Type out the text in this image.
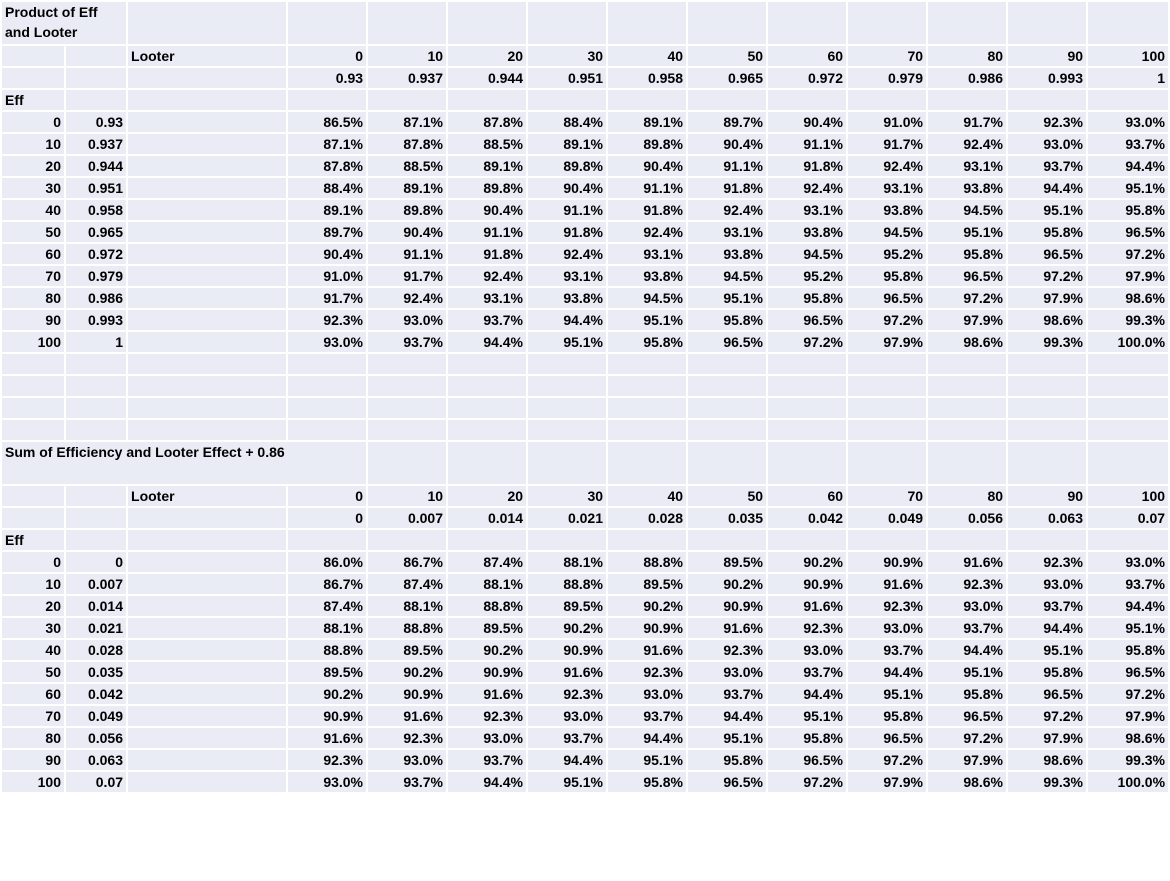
Product of Eff and Looter													
		Looter	0	10	20	30	40	50	60	70	80	90	100
			0.93	0.937	0.944	0.951	0.958	0.965	0.972	0.979	0.986	0.993	1
Eff													
0	0.93		86.5%	87.1%	87.8%	88.4%	89.1%	89.7%	90.4%	91.0%	91.7%	92.3%	93.0%
10	0.937		87.1%	87.8%	88.5%	89.1%	89.8%	90.4%	91.1%	91.7%	92.4%	93.0%	93.7%
20	0.944		87.8%	88.5%	89.1%	89.8%	90.4%	91.1%	91.8%	92.4%	93.1%	93.7%	94.4%
30	0.951		88.4%	89.1%	89.8%	90.4%	91.1%	91.8%	92.4%	93.1%	93.8%	94.4%	95.1%
40	0.958		89.1%	89.8%	90.4%	91.1%	91.8%	92.4%	93.1%	93.8%	94.5%	95.1%	95.8%
50	0.965		89.7%	90.4%	91.1%	91.8%	92.4%	93.1%	93.8%	94.5%	95.1%	95.8%	96.5%
60	0.972		90.4%	91.1%	91.8%	92.4%	93.1%	93.8%	94.5%	95.2%	95.8%	96.5%	97.2%
70	0.979		91.0%	91.7%	92.4%	93.1%	93.8%	94.5%	95.2%	95.8%	96.5%	97.2%	97.9%
80	0.986		91.7%	92.4%	93.1%	93.8%	94.5%	95.1%	95.8%	96.5%	97.2%	97.9%	98.6%
90	0.993		92.3%	93.0%	93.7%	94.4%	95.1%	95.8%	96.5%	97.2%	97.9%	98.6%	99.3%
100	1		93.0%	93.7%	94.4%	95.1%	95.8%	96.5%	97.2%	97.9%	98.6%	99.3%	100.0%

Sum of Efficiency and Looter Effect + 0.86													
		Looter	0	10	20	30	40	50	60	70	80	90	100
			0	0.007	0.014	0.021	0.028	0.035	0.042	0.049	0.056	0.063	0.07
Eff													
0	0		86.0%	86.7%	87.4%	88.1%	88.8%	89.5%	90.2%	90.9%	91.6%	92.3%	93.0%
10	0.007		86.7%	87.4%	88.1%	88.8%	89.5%	90.2%	90.9%	91.6%	92.3%	93.0%	93.7%
20	0.014		87.4%	88.1%	88.8%	89.5%	90.2%	90.9%	91.6%	92.3%	93.0%	93.7%	94.4%
30	0.021		88.1%	88.8%	89.5%	90.2%	90.9%	91.6%	92.3%	93.0%	93.7%	94.4%	95.1%
40	0.028		88.8%	89.5%	90.2%	90.9%	91.6%	92.3%	93.0%	93.7%	94.4%	95.1%	95.8%
50	0.035		89.5%	90.2%	90.9%	91.6%	92.3%	93.0%	93.7%	94.4%	95.1%	95.8%	96.5%
60	0.042		90.2%	90.9%	91.6%	92.3%	93.0%	93.7%	94.4%	95.1%	95.8%	96.5%	97.2%
70	0.049		90.9%	91.6%	92.3%	93.0%	93.7%	94.4%	95.1%	95.8%	96.5%	97.2%	97.9%
80	0.056		91.6%	92.3%	93.0%	93.7%	94.4%	95.1%	95.8%	96.5%	97.2%	97.9%	98.6%
90	0.063		92.3%	93.0%	93.7%	94.4%	95.1%	95.8%	96.5%	97.2%	97.9%	98.6%	99.3%
100	0.07		93.0%	93.7%	94.4%	95.1%	95.8%	96.5%	97.2%	97.9%	98.6%	99.3%	100.0%
